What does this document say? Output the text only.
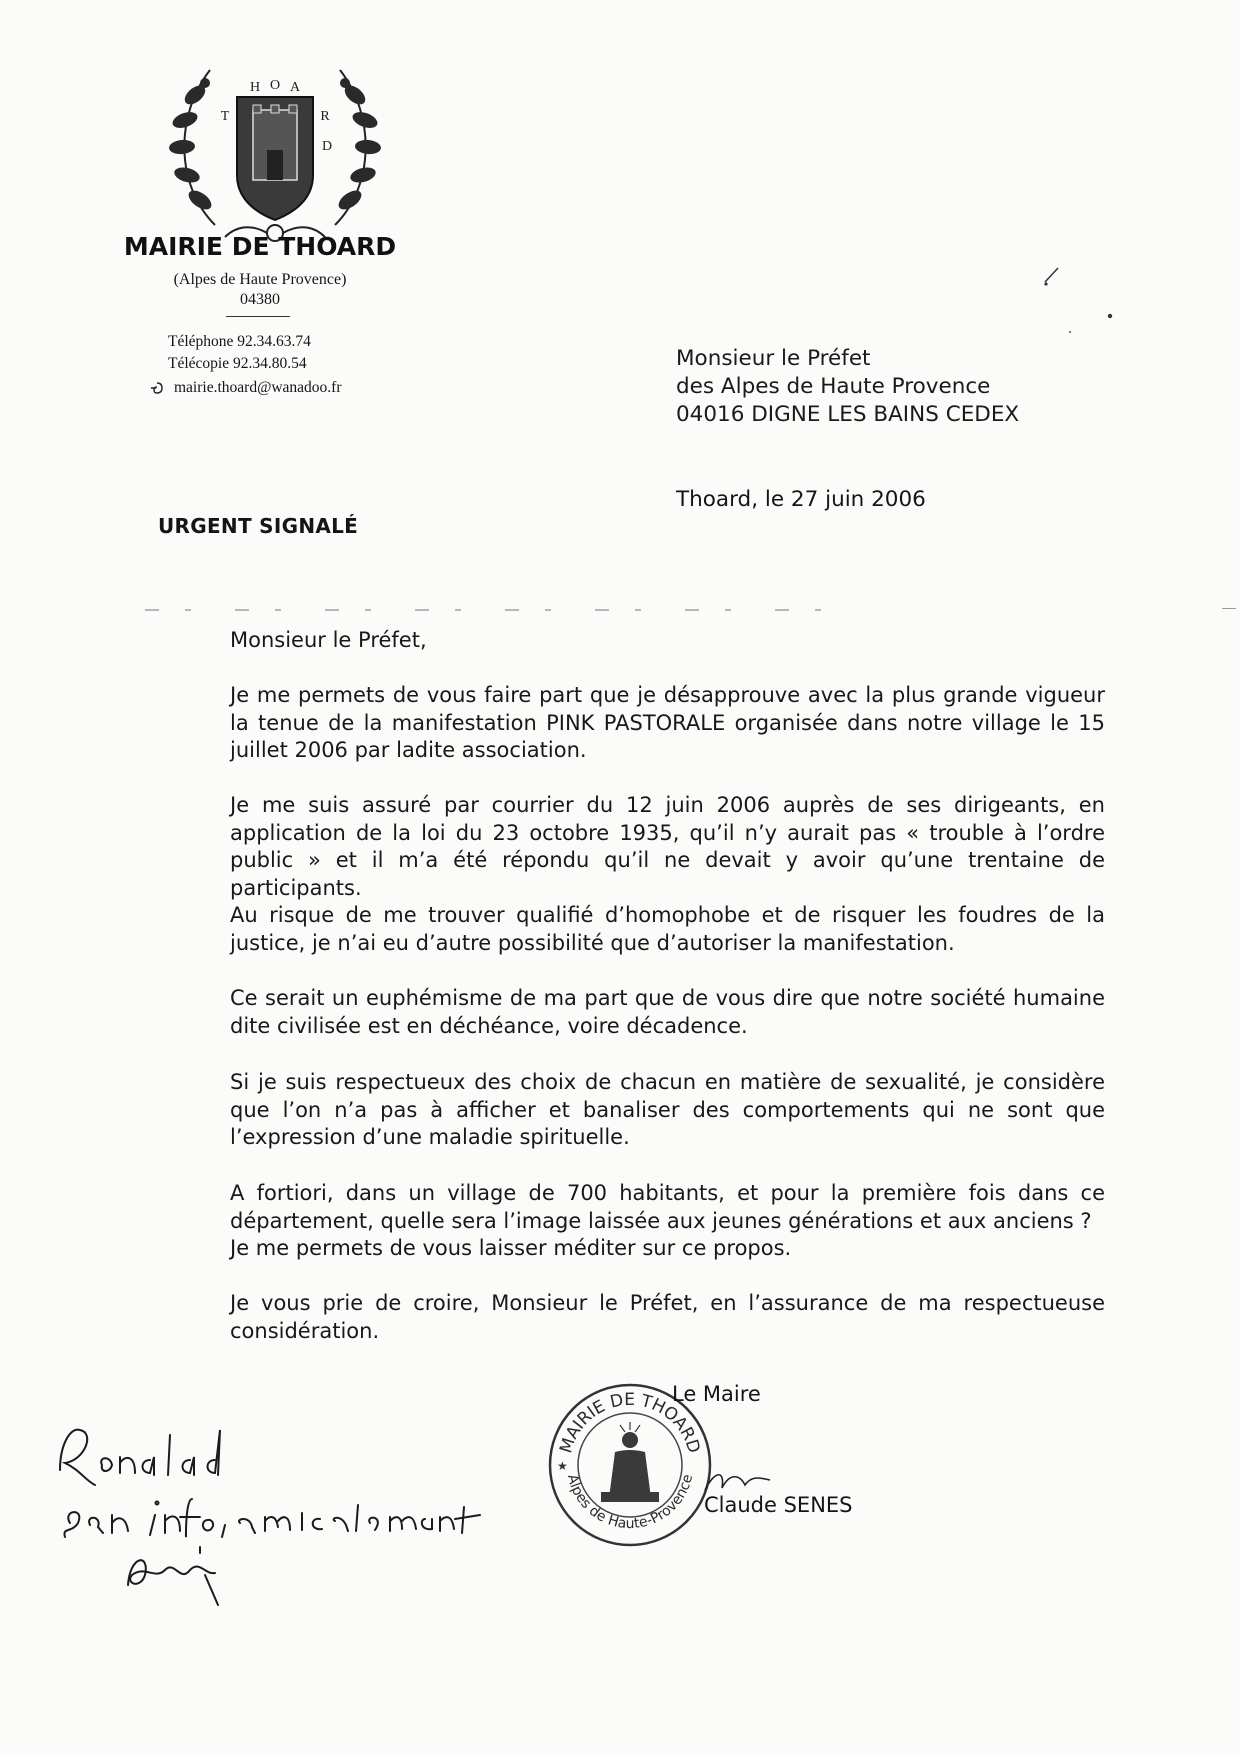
O
H A
T	R
D
MAIRIE DE THOARD
(Alpes de Haute Provence)
04380
Téléphone 92.34.63.74
Télécopie 92.34.80.54
mairie.thoard@wanadoo.fr
Monsieur le Préfet
des Alpes de Haute Provence
04016 DIGNE LES BAINS CEDEX
Thoard, le 27 juin 2006
URGENT SIGNALÉ

Monsieur le Préfet,

Je me permets de vous faire part que je désapprouve avec la plus grande vigueur la tenue de la manifestation PINK PASTORALE organisée dans notre village le 15 juillet 2006 par ladite association.

Je me suis assuré par courrier du 12 juin 2006 auprès de ses dirigeants, en application de la loi du 23 octobre 1935, qu’il n’y aurait pas « trouble à l’ordre public » et il m’a été répondu qu’il ne devait y avoir qu’une trentaine de participants.

Au risque de me trouver qualifié d’homophobe et de risquer les foudres de la justice, je n’ai eu d’autre possibilité que d’autoriser la manifestation.

Ce serait un euphémisme de ma part que de vous dire que notre société humaine dite civilisée est en déchéance, voire décadence.

Si je suis respectueux des choix de chacun en matière de sexualité, je considère que l’on n’a pas à afficher et banaliser des comportements qui ne sont que l’expression d’une maladie spirituelle.

A fortiori, dans un village de 700 habitants, et pour la première fois dans ce département, quelle sera l’image laissée aux jeunes générations et aux anciens ?

Je me permets de vous laisser méditer sur ce propos.

Je vous prie de croire, Monsieur le Préfet, en l’assurance de ma respectueuse considération.

MAIRIE DE THOARD
Alpes de Haute-Provence
★
Le Maire
Claude SENES
